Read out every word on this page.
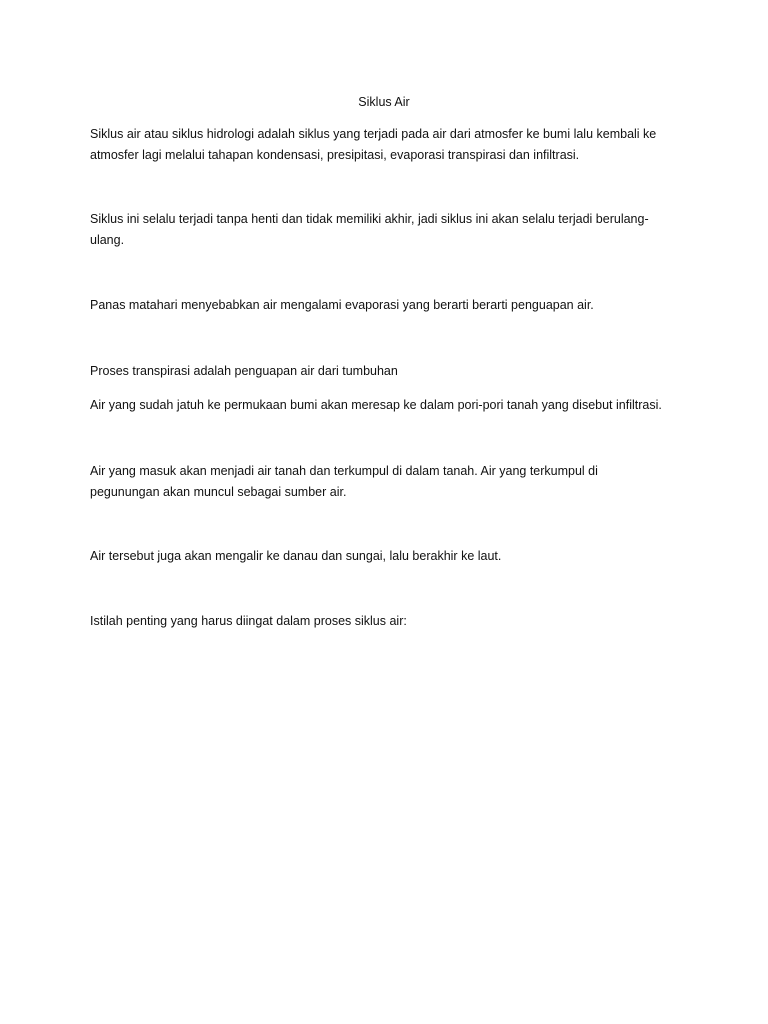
Siklus Air

Siklus air atau siklus hidrologi adalah siklus yang terjadi pada air dari atmosfer ke bumi lalu kembali ke
atmosfer lagi melalui tahapan kondensasi, presipitasi, evaporasi transpirasi dan infiltrasi.

Siklus ini selalu terjadi tanpa henti dan tidak memiliki akhir, jadi siklus ini akan selalu terjadi berulang-
ulang.

Panas matahari menyebabkan air mengalami evaporasi yang berarti berarti penguapan air.

Proses transpirasi adalah penguapan air dari tumbuhan

Air yang sudah jatuh ke permukaan bumi akan meresap ke dalam pori-pori tanah yang disebut infiltrasi.

Air yang masuk akan menjadi air tanah dan terkumpul di dalam tanah. Air yang terkumpul di
pegunungan akan muncul sebagai sumber air.

Air tersebut juga akan mengalir ke danau dan sungai, lalu berakhir ke laut.

Istilah penting yang harus diingat dalam proses siklus air:
